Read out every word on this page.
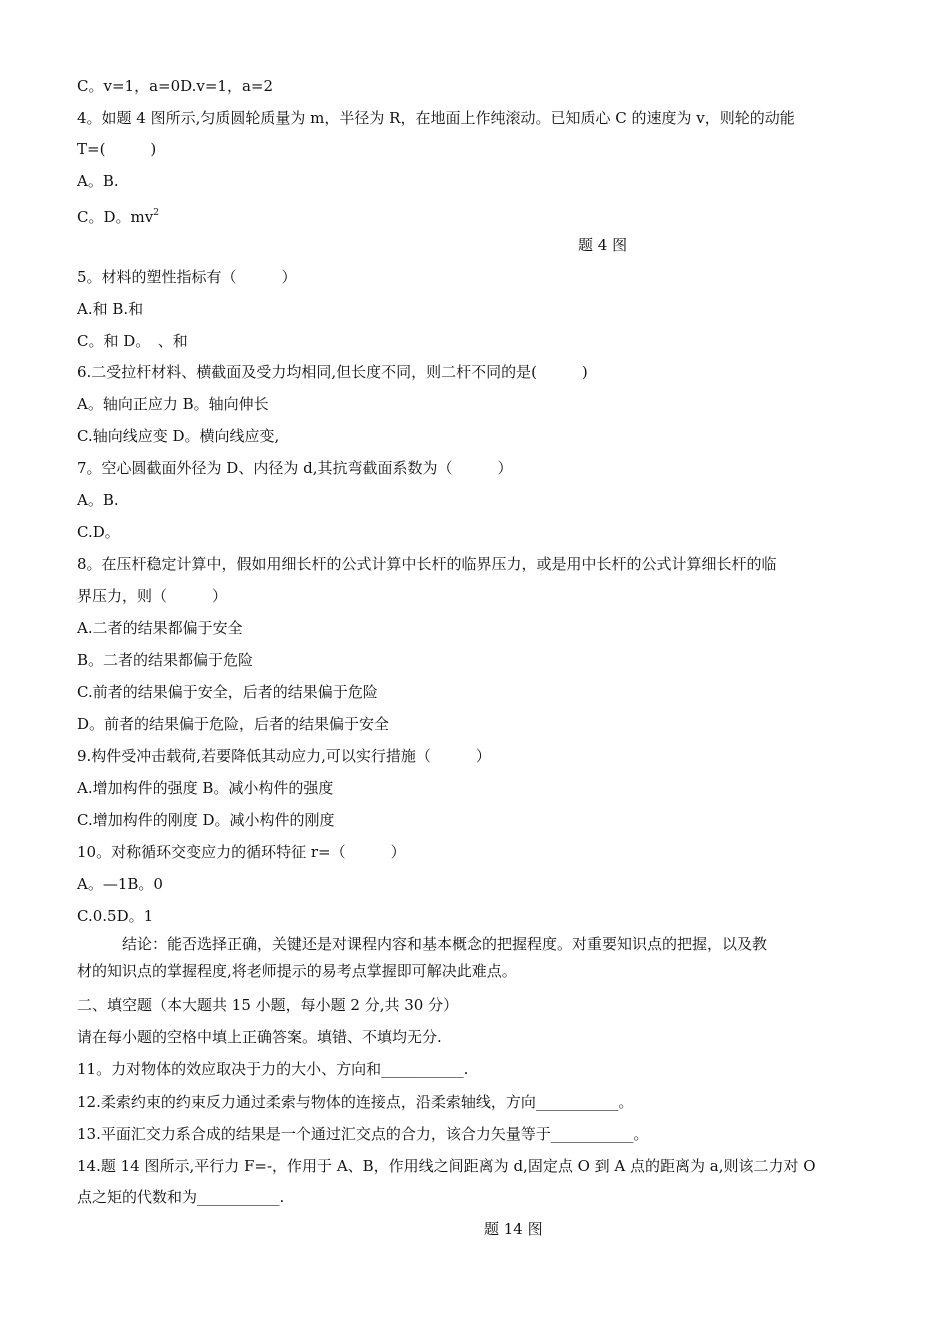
C。v=1，a=0D.v=1，a=2
4。如题 4 图所示,匀质圆轮质量为 m，半径为 R，在地面上作纯滚动。已知质心 C 的速度为 v，则轮的动能
T=(　　　)
A。B.
C。D。$mv^2$
题 4 图
5。材料的塑性指标有（　　　）
A.和 B.和
C。和 D。　、和
6.二受拉杆材料、横截面及受力均相同,但长度不同，则二杆不同的是(　　　)
A。轴向正应力 B。轴向伸长
C.轴向线应变 D。横向线应变,
7。空心圆截面外径为 D、内径为 d,其抗弯截面系数为（　　　）
A。B.
C.D。
8。在压杆稳定计算中，假如用细长杆的公式计算中长杆的临界压力，或是用中长杆的公式计算细长杆的临
界压力，则（　　　）
A.二者的结果都偏于安全
B。二者的结果都偏于危险
C.前者的结果偏于安全，后者的结果偏于危险
D。前者的结果偏于危险，后者的结果偏于安全
9.构件受冲击载荷,若要降低其动应力,可以实行措施（　　　）
A.增加构件的强度 B。减小构件的强度
C.增加构件的刚度 D。减小构件的刚度
10。对称循环交变应力的循环特征 r=（　　　）
A。—1B。0
C.0.5D。1
　　　结论：能否选择正确，关键还是对课程内容和基本概念的把握程度。对重要知识点的把握，以及教
材的知识点的掌握程度,将老师提示的易考点掌握即可解决此难点。
二、填空题（本大题共 15 小题，每小题 2 分,共 30 分）
请在每小题的空格中填上正确答案。填错、不填均无分.
11。力对物体的效应取决于力的大小、方向和___________.
12.柔索约束的约束反力通过柔索与物体的连接点，沿柔索轴线，方向___________。
13.平面汇交力系合成的结果是一个通过汇交点的合力，该合力矢量等于___________。
14.题 14 图所示,平行力 F=-，作用于 A、B，作用线之间距离为 d,固定点 O 到 A 点的距离为 a,则该二力对 O
点之矩的代数和为___________.
题 14 图
